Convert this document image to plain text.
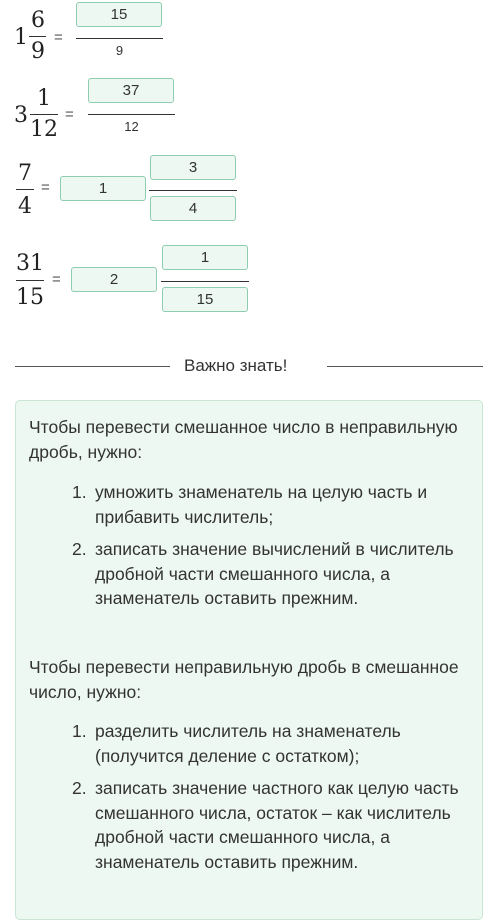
1
6
9
=
15
9
3
1
12
=
37
12
7
4
=	1
3
4
31
15
=	2
1
15
Важно знать!
Чтобы перевести смешанное число в неправильную дробь, нужно:
1. умножить знаменатель на целую часть и прибавить числитель;
2. записать значение вычислений в числитель дробной части смешанного числа, а знаменатель оставить прежним.
Чтобы перевести неправильную дробь в смешанное число, нужно:
1. разделить числитель на знаменатель (получится деление с остатком);
2. записать значение частного как целую часть смешанного числа, остаток – как числитель дробной части смешанного числа, а знаменатель оставить прежним.
